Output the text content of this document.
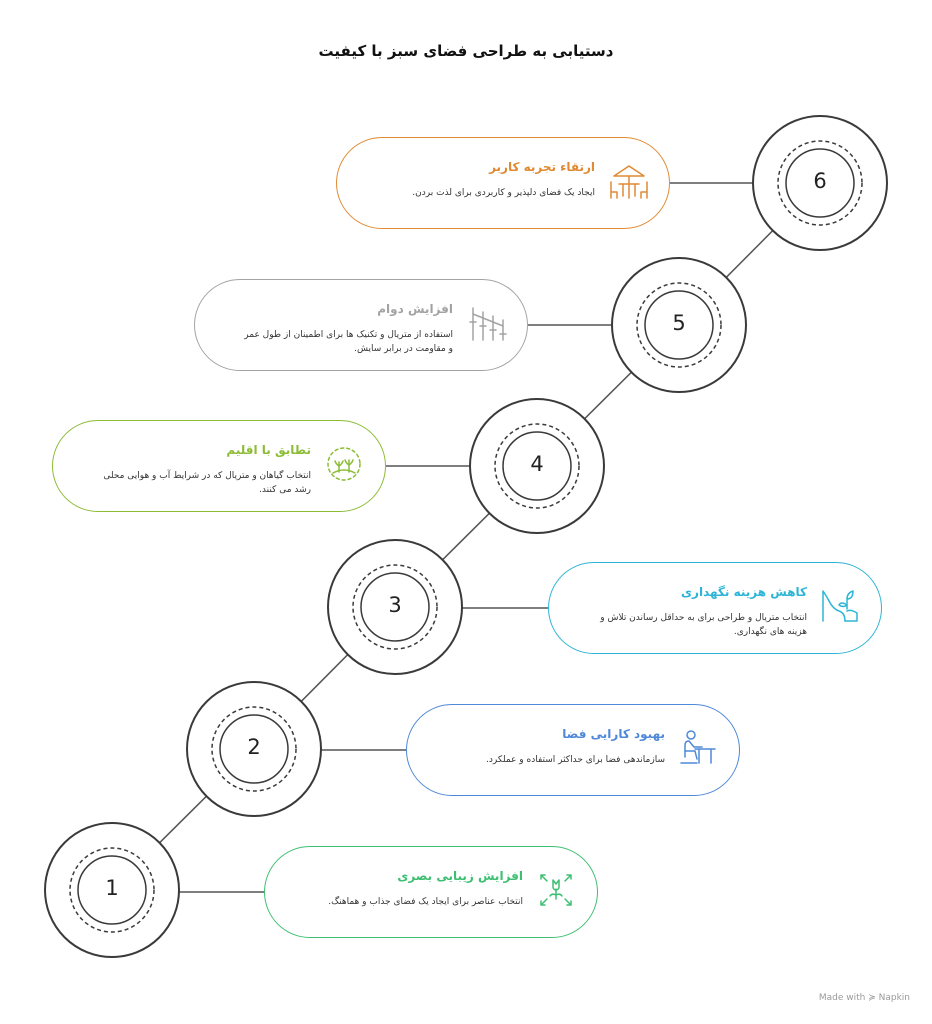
دستیابی به طراحی فضای سبز با کیفیت
افزایش زیبایی بصری
انتخاب عناصر برای ایجاد یک فضای جذاب و هماهنگ.
بهبود کارایی فضا
سازماندهی فضا برای حداکثر استفاده و عملکرد.
کاهش هزینه نگهداری
انتخاب متریال و طراحی برای به حداقل رساندن تلاش و هزینه های نگهداری.
تطابق با اقلیم
انتخاب گیاهان و متریال که در شرایط آب و هوایی محلی رشد می کنند.
افزایش دوام
استفاده از متریال و تکنیک ها برای اطمینان از طول عمر و مقاومت در برابر سایش.
ارتقاء تجربه کاربر
ایجاد یک فضای دلپذیر و کاربردی برای لذت بردن.
1
2
3
4
5
6
Made with ≽ Napkin
